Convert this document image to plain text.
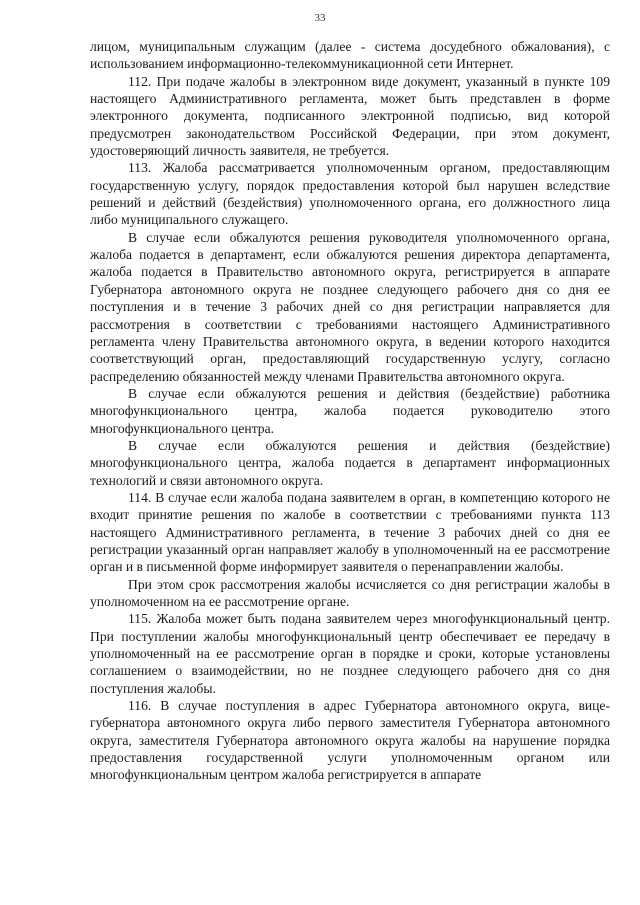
33

лицом, муниципальным служащим (далее - система досудебного обжалования), с использованием информационно-телекоммуникационной сети Интернет.

112. При подаче жалобы в электронном виде документ, указанный в пункте 109 настоящего Административного регламента, может быть представлен в форме электронного документа, подписанного электронной подписью, вид которой предусмотрен законодательством Российской Федерации, при этом документ, удостоверяющий личность заявителя, не требуется.

113. Жалоба рассматривается уполномоченным органом, предоставляющим государственную услугу, порядок предоставления которой был нарушен вследствие решений и действий (бездействия) уполномоченного органа, его должностного лица либо муниципального служащего.

В случае если обжалуются решения руководителя уполномоченного органа, жалоба подается в департамент, если обжалуются решения директора департамента, жалоба подается в Правительство автономного округа, регистрируется в аппарате Губернатора автономного округа не позднее следующего рабочего дня со дня ее поступления и в течение 3 рабочих дней со дня регистрации направляется для рассмотрения в соответствии с требованиями настоящего Административного регламента члену Правительства автономного округа, в ведении которого находится соответствующий орган, предоставляющий государственную услугу, согласно распределению обязанностей между членами Правительства автономного округа.

В случае если обжалуются решения и действия (бездействие) работника многофункционального центра, жалоба подается руководителю этого многофункционального центра.

В случае если обжалуются решения и действия (бездействие) многофункционального центра, жалоба подается в департамент информационных технологий и связи автономного округа.

114. В случае если жалоба подана заявителем в орган, в компетенцию которого не входит принятие решения по жалобе в соответствии с требованиями пункта 113 настоящего Административного регламента, в течение 3 рабочих дней со дня ее регистрации указанный орган направляет жалобу в уполномоченный на ее рассмотрение орган и в письменной форме информирует заявителя о перенаправлении жалобы.

При этом срок рассмотрения жалобы исчисляется со дня регистрации жалобы в уполномоченном на ее рассмотрение органе.

115. Жалоба может быть подана заявителем через многофункциональный центр. При поступлении жалобы многофункциональный центр обеспечивает ее передачу в уполномоченный на ее рассмотрение орган в порядке и сроки, которые установлены соглашением о взаимодействии, но не позднее следующего рабочего дня со дня поступления жалобы.

116. В случае поступления в адрес Губернатора автономного округа, вице-губернатора автономного округа либо первого заместителя Губернатора автономного округа, заместителя Губернатора автономного округа жалобы на нарушение порядка предоставления государственной услуги уполномоченным органом или многофункциональным центром жалоба регистрируется в аппарате
